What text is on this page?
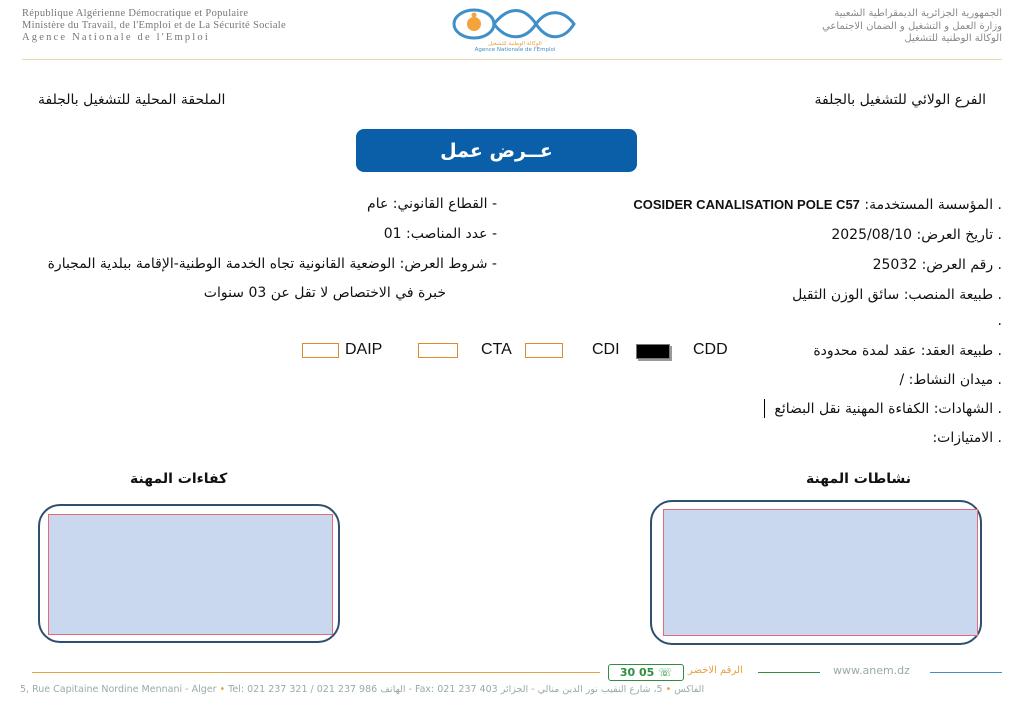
République Algérienne Démocratique et Populaire
Ministère du Travail, de l'Emploi et de La Sécurité Sociale
Agence Nationale de l'Emploi
الوكالة الوطنية للتشغيل
Agence Nationale de l'Emploi
الجمهورية الجزائرية الديمقراطية الشعبية
وزارة العمل و التشغيل و الضمان الاجتماعي
الوكالة الوطنية للتشغيل
الفرع الولائي للتشغيل بالجلفة
الملحقة المحلية للتشغيل بالجلفة
عــرض عمل
. المؤسسة المستخدمة: COSIDER CANALISATION POLE C57
. تاريخ العرض: 2025/08/10
. رقم العرض: 25032
. طبيعة المنصب: سائق الوزن الثقيل
.
- القطاع القانوني: عام
- عدد المناصب: 01
- شروط العرض: الوضعية القانونية تجاه الخدمة الوطنية-الإقامة ببلدية المجبارة
خبرة في الاختصاص لا تقل عن 03 سنوات
. طبيعة العقد: عقد لمدة محدودة
CDD
CDI
CTA
DAIP
. ميدان النشاط: /
. الشهادات: الكفاءة المهنية نقل البضائع
. الامتيازات:
نشاطات المهنة
كفاءات المهنة
30 05 ☏ الرقم الاخضر	www.anem.dz
5, Rue Capitaine Nordine Mennani - Alger • Tel: 021 237 321 / 021 237 986 الهاتف - Fax: 021 237 403	الفاكس • 5، شارع النقيب نور الدين منالي - الجزائر
